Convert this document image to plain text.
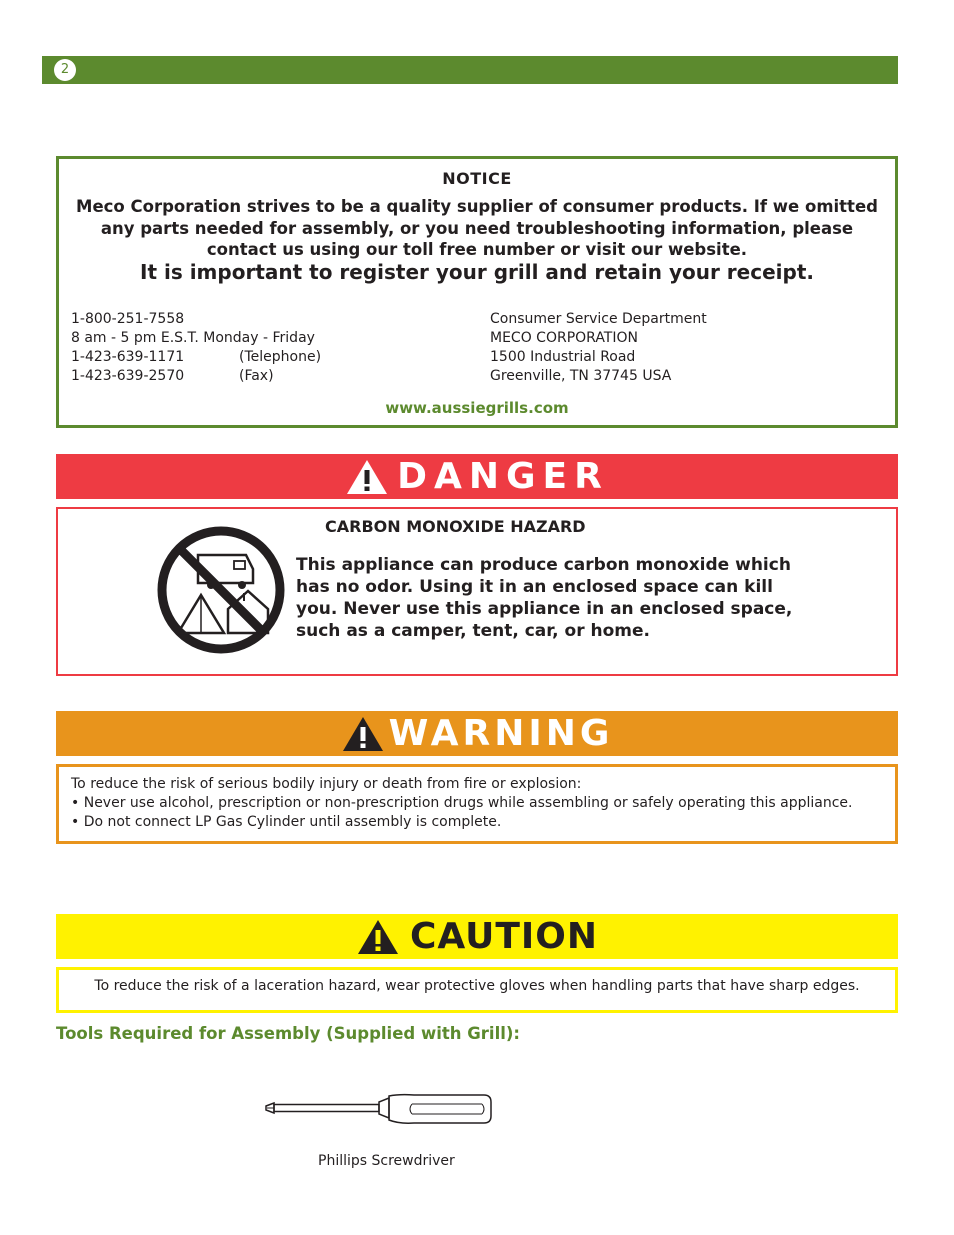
2
NOTICE
Meco Corporation strives to be a quality supplier of consumer products. If we omitted any parts needed for assembly, or you need troubleshooting information, please contact us using our toll free number or visit our website.
It is important to register your grill and retain your receipt.
1-800-251-7558
8 am - 5 pm E.S.T. Monday - Friday
1-423-639-1171
1-423-639-2570
(Telephone)
(Fax)
Consumer Service Department
MECO CORPORATION
1500 Industrial Road
Greenville, TN 37745 USA
www.aussiegrills.com
DANGER
CARBON MONOXIDE HAZARD
This appliance can produce carbon monoxide which has no odor. Using it in an enclosed space can kill you. Never use this appliance in an enclosed space, such as a camper, tent, car, or home.
WARNING
To reduce the risk of serious bodily injury or death from fire or explosion:
• Never use alcohol, prescription or non-prescription drugs while assembling or safely operating this appliance.
• Do not connect LP Gas Cylinder until assembly is complete.
CAUTION
To reduce the risk of a laceration hazard, wear protective gloves when handling parts that have sharp edges.
Tools Required for Assembly (Supplied with Grill):
Phillips Screwdriver
